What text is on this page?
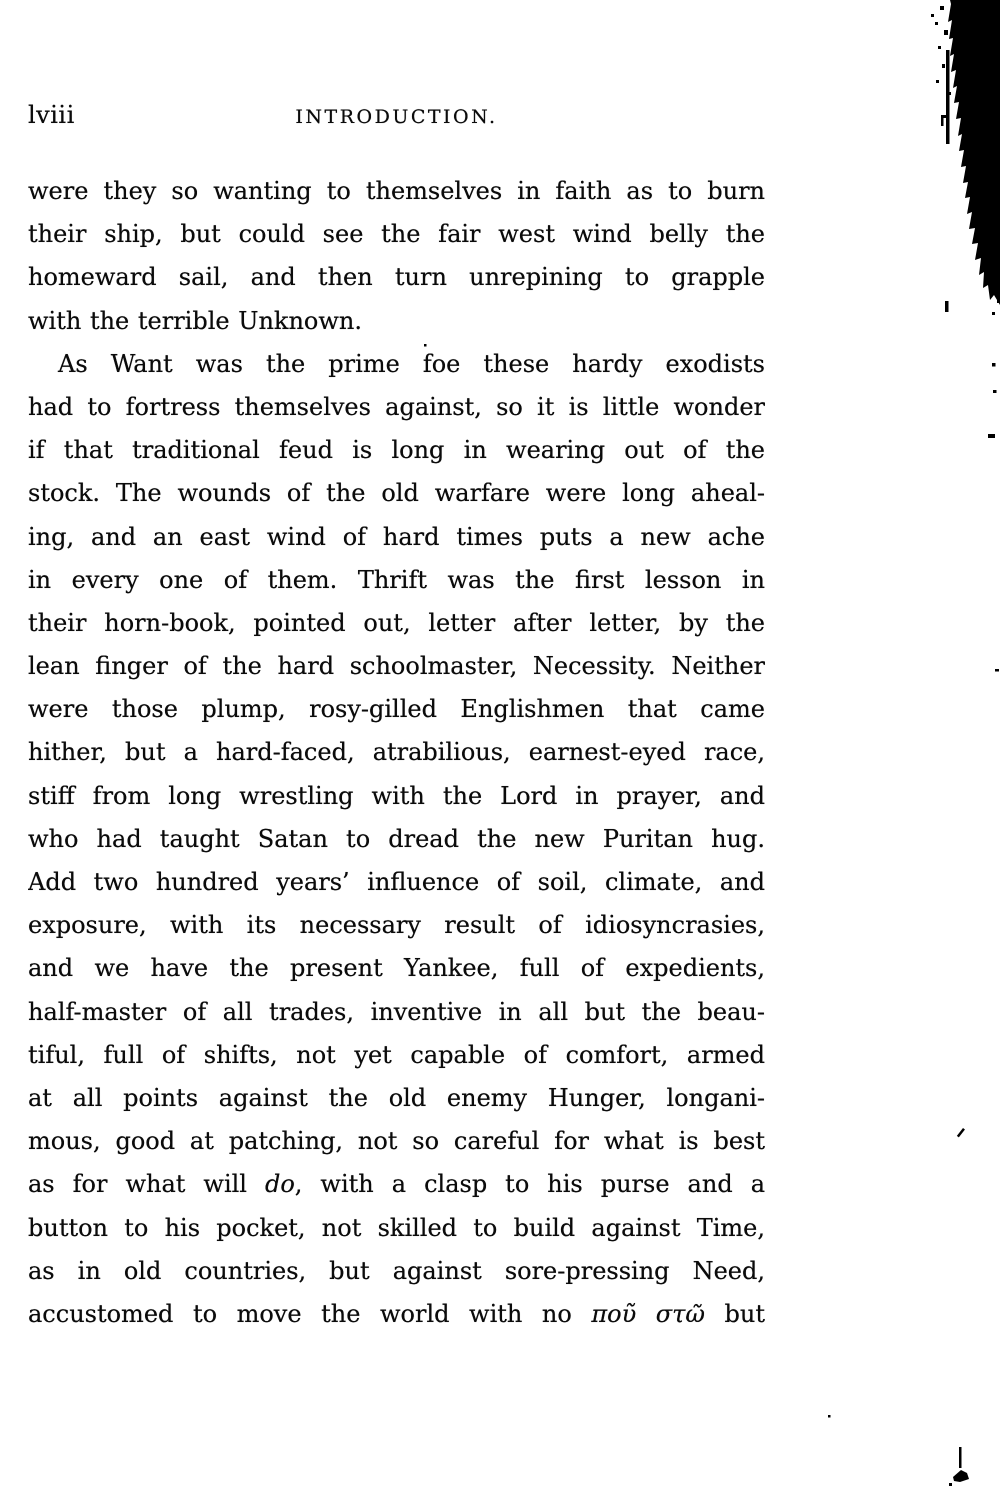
lviii	INTRODUCTION.
were they so wanting to themselves in faith as to burn
their ship, but could see the fair west wind belly the
homeward sail, and then turn unrepining to grapple
with the terrible Unknown.
As Want was the prime foe these hardy exodists
had to fortress themselves against, so it is little wonder
if that traditional feud is long in wearing out of the
stock. The wounds of the old warfare were long aheal-
ing, and an east wind of hard times puts a new ache
in every one of them. Thrift was the first lesson in
their horn-book, pointed out, letter after letter, by the
lean finger of the hard schoolmaster, Necessity. Neither
were those plump, rosy-gilled Englishmen that came
hither, but a hard-faced, atrabilious, earnest-eyed race,
stiff from long wrestling with the Lord in prayer, and
who had taught Satan to dread the new Puritan hug.
Add two hundred years’ influence of soil, climate, and
exposure, with its necessary result of idiosyncrasies,
and we have the present Yankee, full of expedients,
half-master of all trades, inventive in all but the beau-
tiful, full of shifts, not yet capable of comfort, armed
at all points against the old enemy Hunger, longani-
mous, good at patching, not so careful for what is best
as for what will do, with a clasp to his purse and a
button to his pocket, not skilled to build against Time,
as in old countries, but against sore-pressing Need,
accustomed to move the world with no ποῦ στῶ but
